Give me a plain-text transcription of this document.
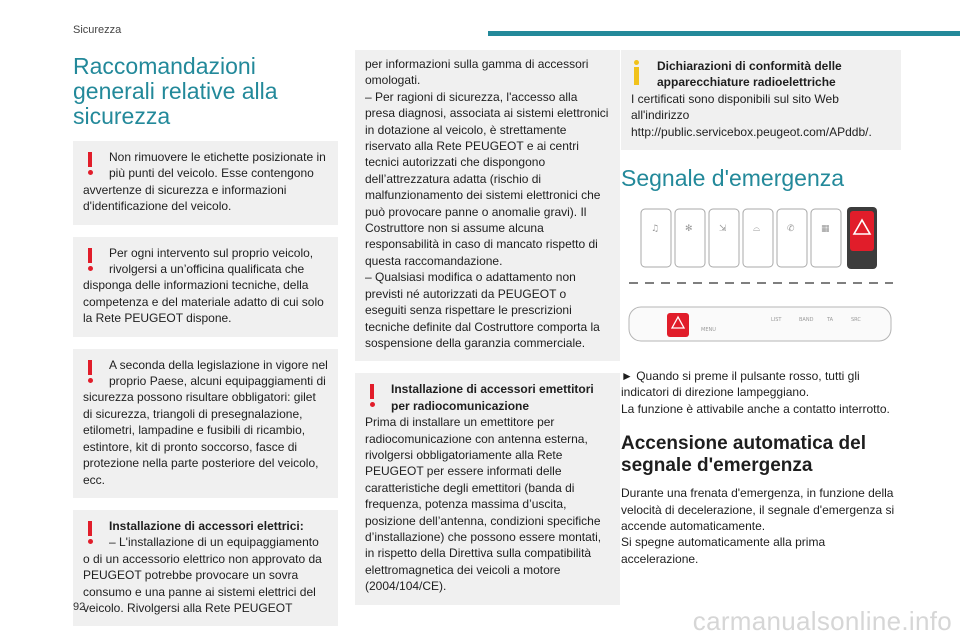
Sicurezza
Raccomandazioni generali relative alla sicurezza
Non rimuovere le etichette posizionate in più punti del veicolo. Esse contengono
avvertenze di sicurezza e informazioni d'identificazione del veicolo.
Per ogni intervento sul proprio veicolo, rivolgersi a un’officina qualificata che
disponga delle informazioni tecniche, della competenza e del materiale adatto di cui solo la Rete PEUGEOT dispone.
A seconda della legislazione in vigore nel proprio Paese, alcuni equipaggiamenti di
sicurezza possono risultare obbligatori: gilet di sicurezza, triangoli di presegnalazione, etilometri, lampadine e fusibili di ricambio, estintore, kit di pronto soccorso, fasce di protezione nella parte posteriore del veicolo, ecc.
Installazione di accessori elettrici:
– L'installazione di un equipaggiamento
o di un accessorio elettrico non approvato da PEUGEOT potrebbe provocare un sovra consumo e una panne ai sistemi elettrici del veicolo. Rivolgersi alla Rete PEUGEOT
per informazioni sulla gamma di accessori omologati.
– Per ragioni di sicurezza, l'accesso alla presa diagnosi, associata ai sistemi elettronici in dotazione al veicolo, è strettamente riservato alla Rete PEUGEOT e ai centri tecnici autorizzati che dispongono dell’attrezzatura adatta (rischio di malfunzionamento dei sistemi elettronici che può provocare panne o anomalie gravi). Il Costruttore non si assume alcuna responsabilità in caso di mancato rispetto di questa raccomandazione.
– Qualsiasi modifica o adattamento non previsti né autorizzati da PEUGEOT o eseguiti senza rispettare le prescrizioni tecniche definite dal Costruttore comporta la sospensione della garanzia commerciale.
Installazione di accessori emettitori per radiocomunicazione
Prima di installare un emettitore per radiocomunicazione con antenna esterna, rivolgersi obbligatoriamente alla Rete PEUGEOT per essere informati delle caratteristiche degli emettitori (banda di frequenza, potenza massima d’uscita, posizione dell’antenna, condizioni specifiche d’installazione) che possono essere montati, in rispetto della Direttiva sulla compatibilità elettromagnetica dei veicoli a motore (2004/104/CE).
Dichiarazioni di conformità delle apparecchiature radioelettriche
I certificati sono disponibili sul sito Web all'indirizzo http://public.servicebox.peugeot.com/APddb/.
Segnale d'emergenza
♫	✻	⇲	⌓	✆	▦
MENU
LIST	BAND	TA	SRC

► Quando si preme il pulsante rosso, tutti gli indicatori di direzione lampeggiano.

La funzione è attivabile anche a contatto interrotto.

Accensione automatica del segnale d'emergenza

Durante una frenata d'emergenza, in funzione della velocità di decelerazione, il segnale d'emergenza si accende automaticamente.

Si spegne automaticamente alla prima accelerazione.

92	carmanualsonline.info
